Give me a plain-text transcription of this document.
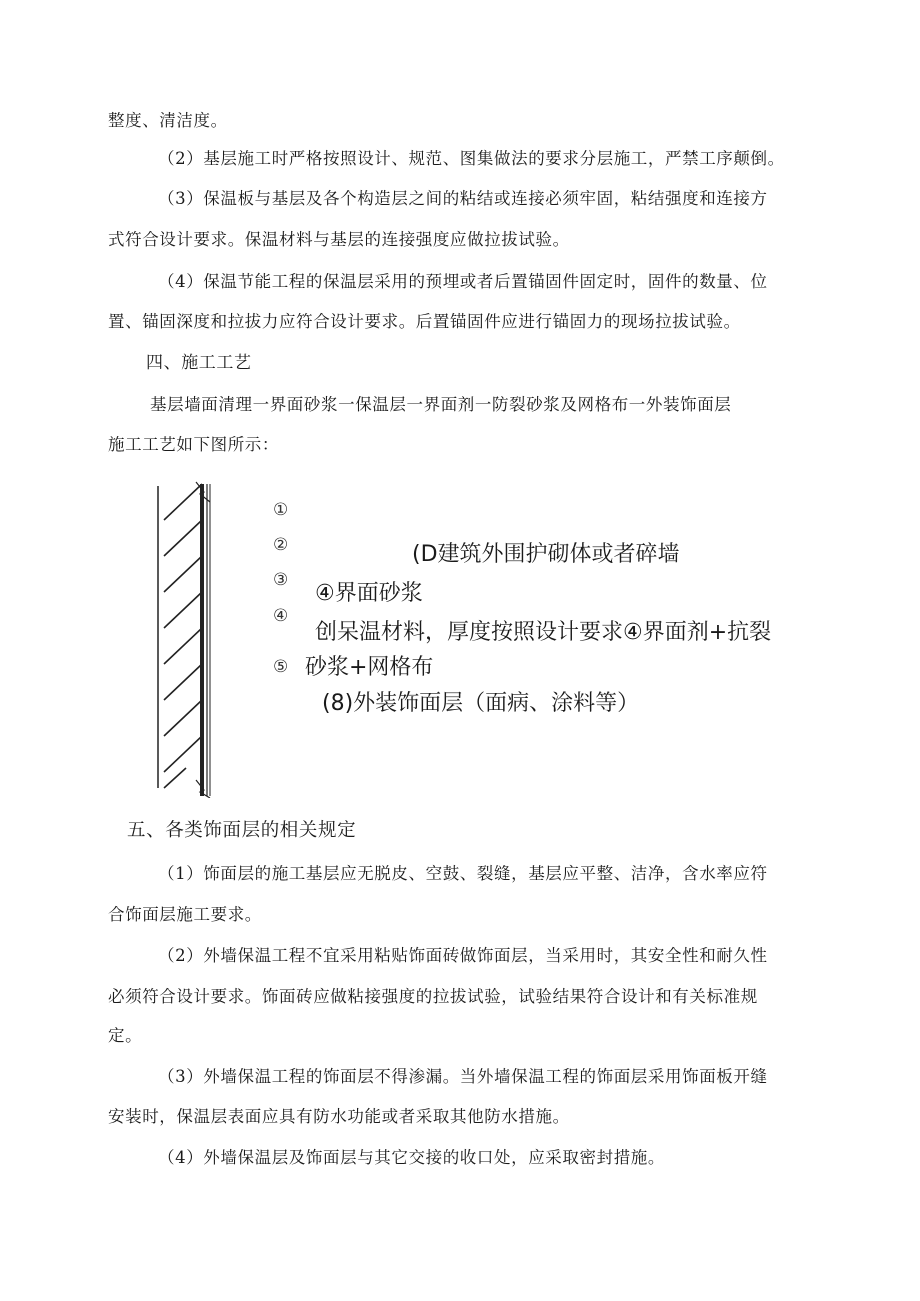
整度、清洁度。
（2）基层施工时严格按照设计、规范、图集做法的要求分层施工，严禁工序颠倒。
（3）保温板与基层及各个构造层之间的粘结或连接必须牢固，粘结强度和连接方
式符合设计要求。保温材料与基层的连接强度应做拉拔试验。
（4）保温节能工程的保温层采用的预埋或者后置锚固件固定时，固件的数量、位
置、锚固深度和拉拔力应符合设计要求。后置锚固件应进行锚固力的现场拉拔试验。
四、施工工艺
基层墙面清理一界面砂浆一保温层一界面剂一防裂砂浆及网格布一外装饰面层
施工工艺如下图所示：
①
②
③
④
⑤
(D建筑外围护砌体或者碎墙
④界面砂浆
创呆温材料，厚度按照设计要求④界面剂+抗裂
砂浆+网格布
(8)外装饰面层（面病、涂料等）
五、各类饰面层的相关规定
（1）饰面层的施工基层应无脱皮、空鼓、裂缝，基层应平整、洁净，含水率应符
合饰面层施工要求。
（2）外墙保温工程不宜采用粘贴饰面砖做饰面层，当采用时，其安全性和耐久性
必须符合设计要求。饰面砖应做粘接强度的拉拔试验，试验结果符合设计和有关标准规
定。
（3）外墙保温工程的饰面层不得渗漏。当外墙保温工程的饰面层采用饰面板开缝
安装时，保温层表面应具有防水功能或者采取其他防水措施。
（4）外墙保温层及饰面层与其它交接的收口处，应采取密封措施。
